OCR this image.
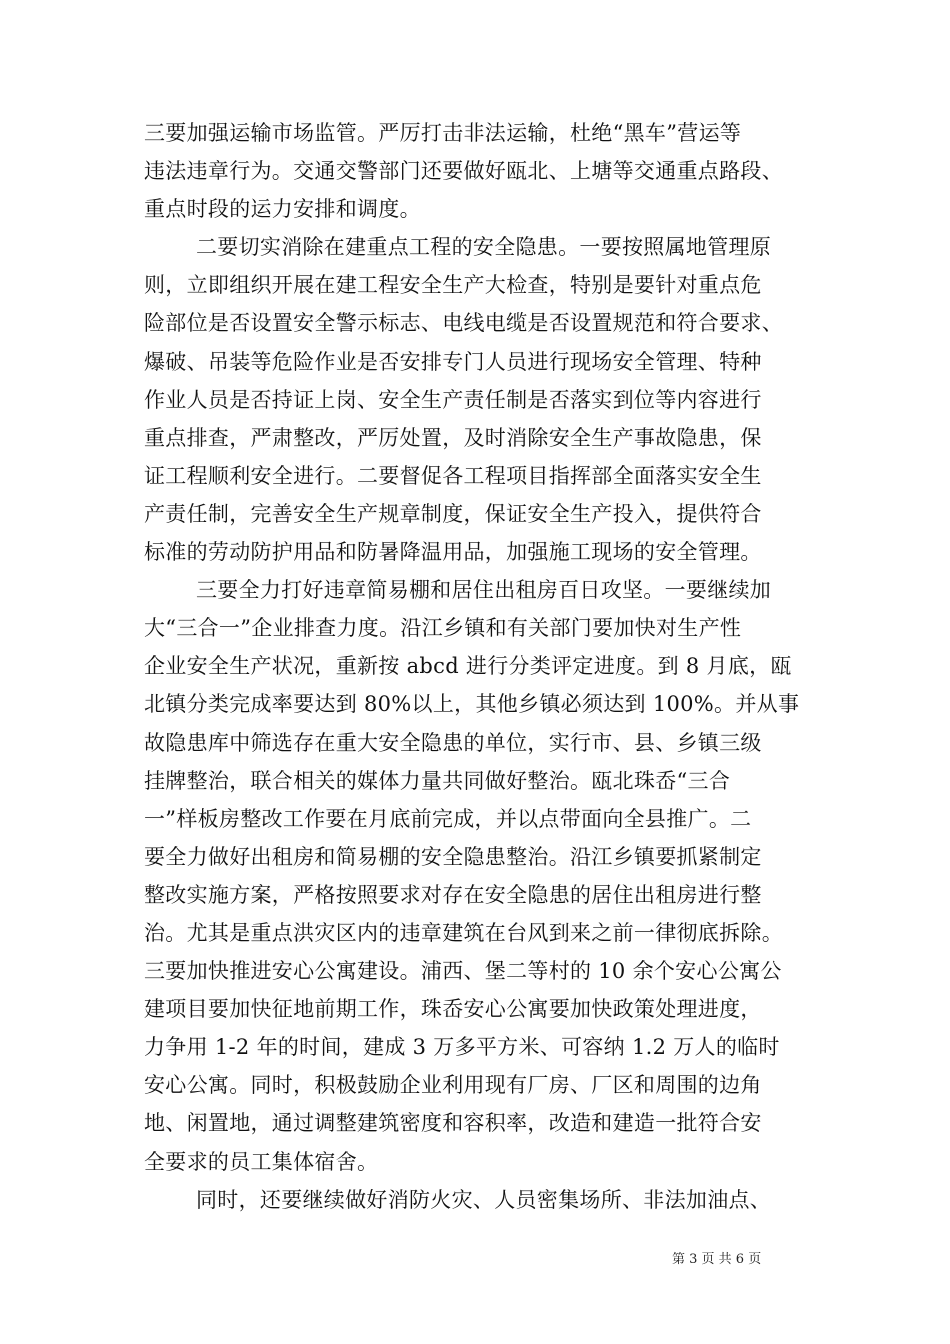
三要加强运输市场监管。严厉打击非法运输，杜绝“黑车”营运等
违法违章行为。交通交警部门还要做好瓯北、上塘等交通重点路段、
重点时段的运力安排和调度。
二要切实消除在建重点工程的安全隐患。一要按照属地管理原
则，立即组织开展在建工程安全生产大检查，特别是要针对重点危
险部位是否设置安全警示标志、电线电缆是否设置规范和符合要求、
爆破、吊装等危险作业是否安排专门人员进行现场安全管理、特种
作业人员是否持证上岗、安全生产责任制是否落实到位等内容进行
重点排查，严肃整改，严厉处置，及时消除安全生产事故隐患，保
证工程顺利安全进行。二要督促各工程项目指挥部全面落实安全生
产责任制，完善安全生产规章制度，保证安全生产投入，提供符合
标准的劳动防护用品和防暑降温用品，加强施工现场的安全管理。
三要全力打好违章简易棚和居住出租房百日攻坚。一要继续加
大“三合一”企业排查力度。沿江乡镇和有关部门要加快对生产性
企业安全生产状况，重新按 abcd 进行分类评定进度。到 8 月底，瓯
北镇分类完成率要达到 80%以上，其他乡镇必须达到 100%。并从事
故隐患库中筛选存在重大安全隐患的单位，实行市、县、乡镇三级
挂牌整治，联合相关的媒体力量共同做好整治。瓯北珠岙“三合
一”样板房整改工作要在月底前完成，并以点带面向全县推广。二
要全力做好出租房和简易棚的安全隐患整治。沿江乡镇要抓紧制定
整改实施方案，严格按照要求对存在安全隐患的居住出租房进行整
治。尤其是重点洪灾区内的违章建筑在台风到来之前一律彻底拆除。
三要加快推进安心公寓建设。浦西、堡二等村的 10 余个安心公寓公
建项目要加快征地前期工作，珠岙安心公寓要加快政策处理进度，
力争用 1-2 年的时间，建成 3 万多平方米、可容纳 1.2 万人的临时
安心公寓。同时，积极鼓励企业利用现有厂房、厂区和周围的边角
地、闲置地，通过调整建筑密度和容积率，改造和建造一批符合安
全要求的员工集体宿舍。
同时，还要继续做好消防火灾、人员密集场所、非法加油点、
第 3 页 共 6 页
